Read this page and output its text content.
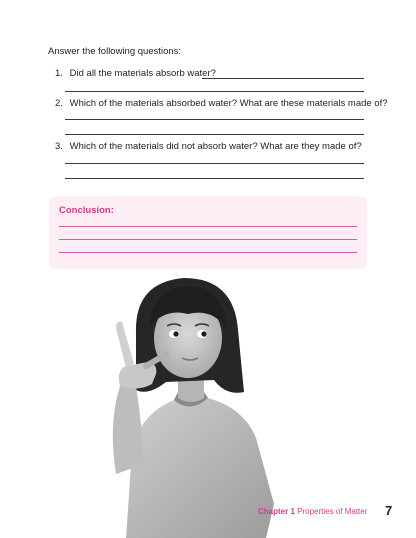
Answer the following questions:
1. Did all the materials absorb water?
2. Which of the materials absorbed water? What are these materials made of?
3. Which of the materials did not absorb water? What are they made of?
Conclusion:
Chapter 1 Properties of Matter 7
